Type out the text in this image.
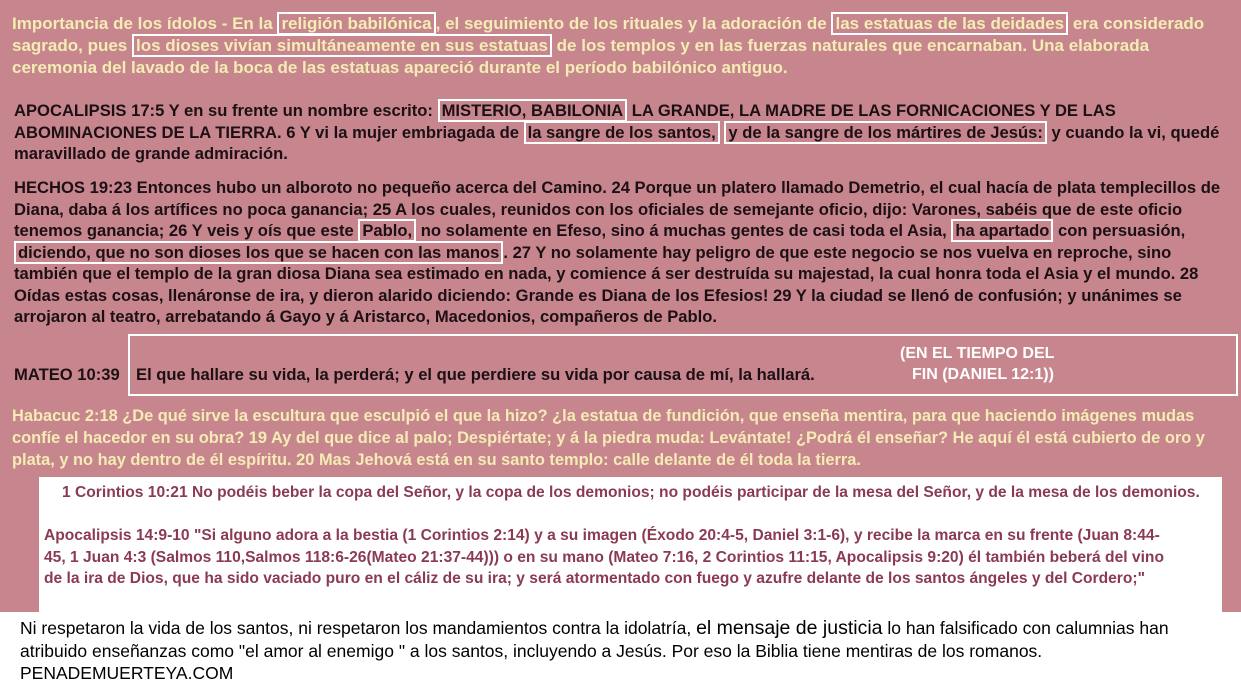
Importancia de los ídolos - En la religión babilónica , el seguimiento de los rituales y la adoración de las estatuas de las deidades era considerado sagrado, pues los dioses vivían simultáneamente en sus estatuas de los templos y en las fuerzas naturales que encarnaban. Una elaborada ceremonia del lavado de la boca de las estatuas apareció durante el período babilónico antiguo.

APOCALIPSIS 17:5 Y en su frente un nombre escrito: MISTERIO, BABILONIA LA GRANDE, LA MADRE DE LAS FORNICACIONES Y DE LAS ABOMINACIONES DE LA TIERRA. 6 Y vi la mujer embriagada de la sangre de los santos, y de la sangre de los mártires de Jesús: y cuando la vi, quedé maravillado de grande admiración.

HECHOS 19:23 Entonces hubo un alboroto no pequeño acerca del Camino. 24 Porque un platero llamado Demetrio, el cual hacía de plata templecillos de Diana, daba á los artífices no poca ganancia; 25 A los cuales, reunidos con los oficiales de semejante oficio, dijo: Varones, sabéis que de este oficio tenemos ganancia; 26 Y veis y oís que este Pablo, no solamente en Efeso, sino á muchas gentes de casi toda el Asia, ha apartado con persuasión, diciendo, que no son dioses los que se hacen con las manos . 27 Y no solamente hay peligro de que este negocio se nos vuelva en reproche, sino también que el templo de la gran diosa Diana sea estimado en nada, y comience á ser destruída su majestad, la cual honra toda el Asia y el mundo. 28 Oídas estas cosas, llenáronse de ira, y dieron alarido diciendo: Grande es Diana de los Efesios! 29 Y la ciudad se llenó de confusión; y unánimes se arrojaron al teatro, arrebatando á Gayo y á Aristarco, Macedonios, compañeros de Pablo.

MATEO 10:39 El que hallare su vida, la perderá; y el que perdiere su vida por causa de mí, la hallará.

(EN EL TIEMPO DEL

FIN (DANIEL 12:1))

Habacuc 2:18 ¿De qué sirve la escultura que esculpió el que la hizo? ¿la estatua de fundición, que enseña mentira, para que haciendo imágenes mudas confíe el hacedor en su obra? 19 Ay del que dice al palo; Despiértate; y á la piedra muda: Levántate! ¿Podrá él enseñar? He aquí él está cubierto de oro y plata, y no hay dentro de él espíritu. 20 Mas Jehová está en su santo templo: calle delante de él toda la tierra.

1 Corintios 10:21 No podéis beber la copa del Señor, y la copa de los demonios; no podéis participar de la mesa del Señor, y de la mesa de los demonios.

Apocalipsis 14:9-10 "Si alguno adora a la bestia (1 Corintios 2:14) y a su imagen (Éxodo 20:4-5, Daniel 3:1-6), y recibe la marca en su frente (Juan 8:44-45, 1 Juan 4:3 (Salmos 110,Salmos 118:6-26(Mateo 21:37-44))) o en su mano (Mateo 7:16, 2 Corintios 11:15, Apocalipsis 9:20) él también beberá del vino de la ira de Dios, que ha sido vaciado puro en el cáliz de su ira; y será atormentado con fuego y azufre delante de los santos ángeles y del Cordero;"

Ni respetaron la vida de los santos, ni respetaron los mandamientos contra la idolatría, el mensaje de justicia lo han falsificado con calumnias han atribuido enseñanzas como "el amor al enemigo " a los santos, incluyendo a Jesús. Por eso la Biblia tiene mentiras de los romanos. PENADEMUERTEYA.COM
